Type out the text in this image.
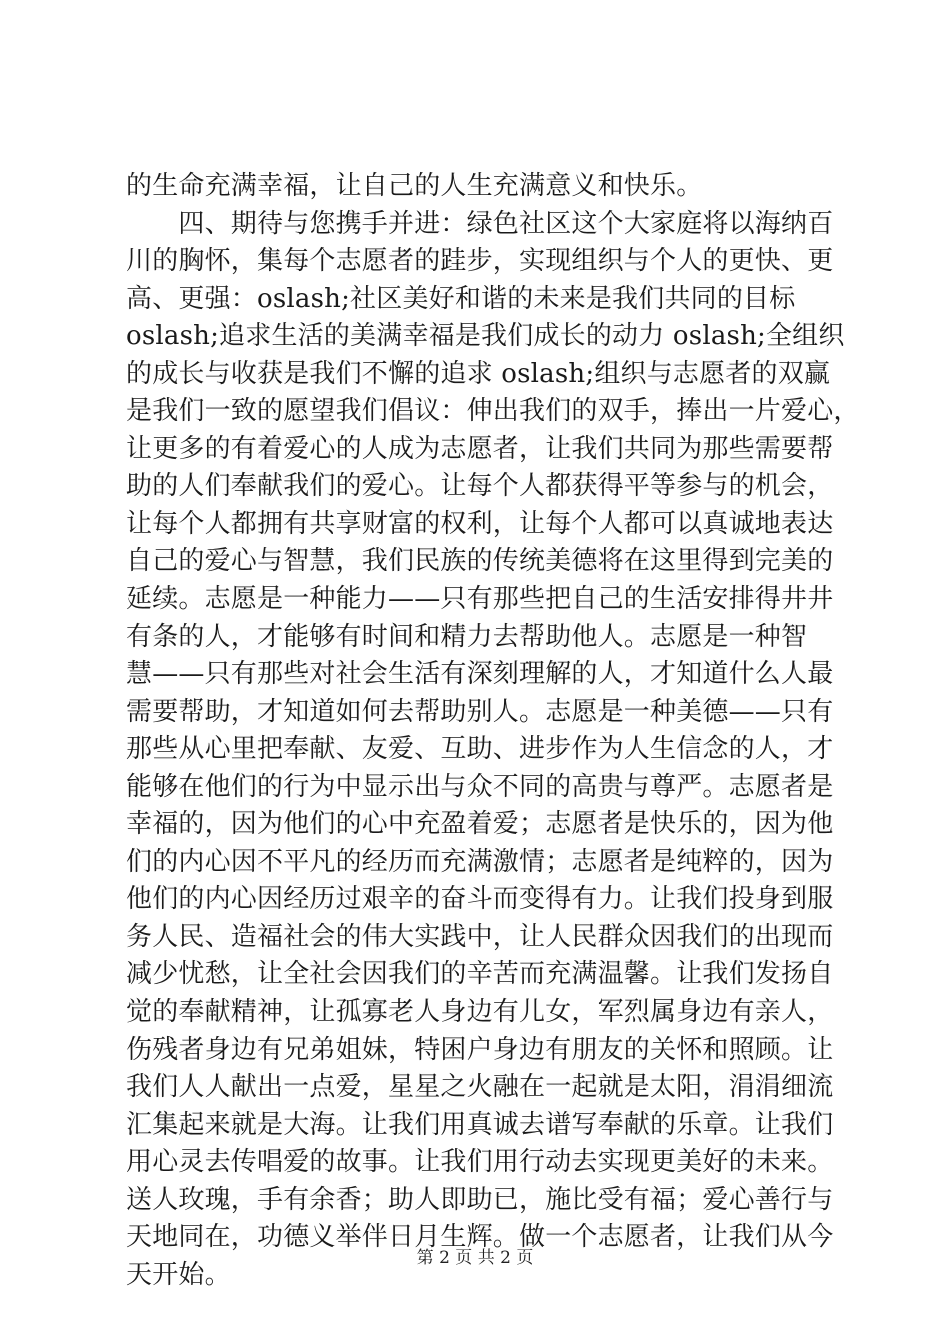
的生命充满幸福，让自己的人生充满意义和快乐。
　　四、期待与您携手并进：绿色社区这个大家庭将以海纳百
川的胸怀，集每个志愿者的跬步，实现组织与个人的更快、更
高、更强：oslash;社区美好和谐的未来是我们共同的目标
oslash;追求生活的美满幸福是我们成长的动力 oslash;全组织
的成长与收获是我们不懈的追求 oslash;组织与志愿者的双赢
是我们一致的愿望我们倡议：伸出我们的双手，捧出一片爱心，
让更多的有着爱心的人成为志愿者，让我们共同为那些需要帮
助的人们奉献我们的爱心。让每个人都获得平等参与的机会，
让每个人都拥有共享财富的权利，让每个人都可以真诚地表达
自己的爱心与智慧，我们民族的传统美德将在这里得到完美的
延续。志愿是一种能力——只有那些把自己的生活安排得井井
有条的人，才能够有时间和精力去帮助他人。志愿是一种智
慧——只有那些对社会生活有深刻理解的人，才知道什么人最
需要帮助，才知道如何去帮助别人。志愿是一种美德——只有
那些从心里把奉献、友爱、互助、进步作为人生信念的人，才
能够在他们的行为中显示出与众不同的高贵与尊严。志愿者是
幸福的，因为他们的心中充盈着爱；志愿者是快乐的，因为他
们的内心因不平凡的经历而充满激情；志愿者是纯粹的，因为
他们的内心因经历过艰辛的奋斗而变得有力。让我们投身到服
务人民、造福社会的伟大实践中，让人民群众因我们的出现而
减少忧愁，让全社会因我们的辛苦而充满温馨。让我们发扬自
觉的奉献精神，让孤寡老人身边有儿女，军烈属身边有亲人，
伤残者身边有兄弟姐妹，特困户身边有朋友的关怀和照顾。让
我们人人献出一点爱，星星之火融在一起就是太阳，涓涓细流
汇集起来就是大海。让我们用真诚去谱写奉献的乐章。让我们
用心灵去传唱爱的故事。让我们用行动去实现更美好的未来。
送人玫瑰，手有余香；助人即助已，施比受有福；爱心善行与
天地同在，功德义举伴日月生辉。做一个志愿者，让我们从今
天开始。
第 2 页 共 2 页
